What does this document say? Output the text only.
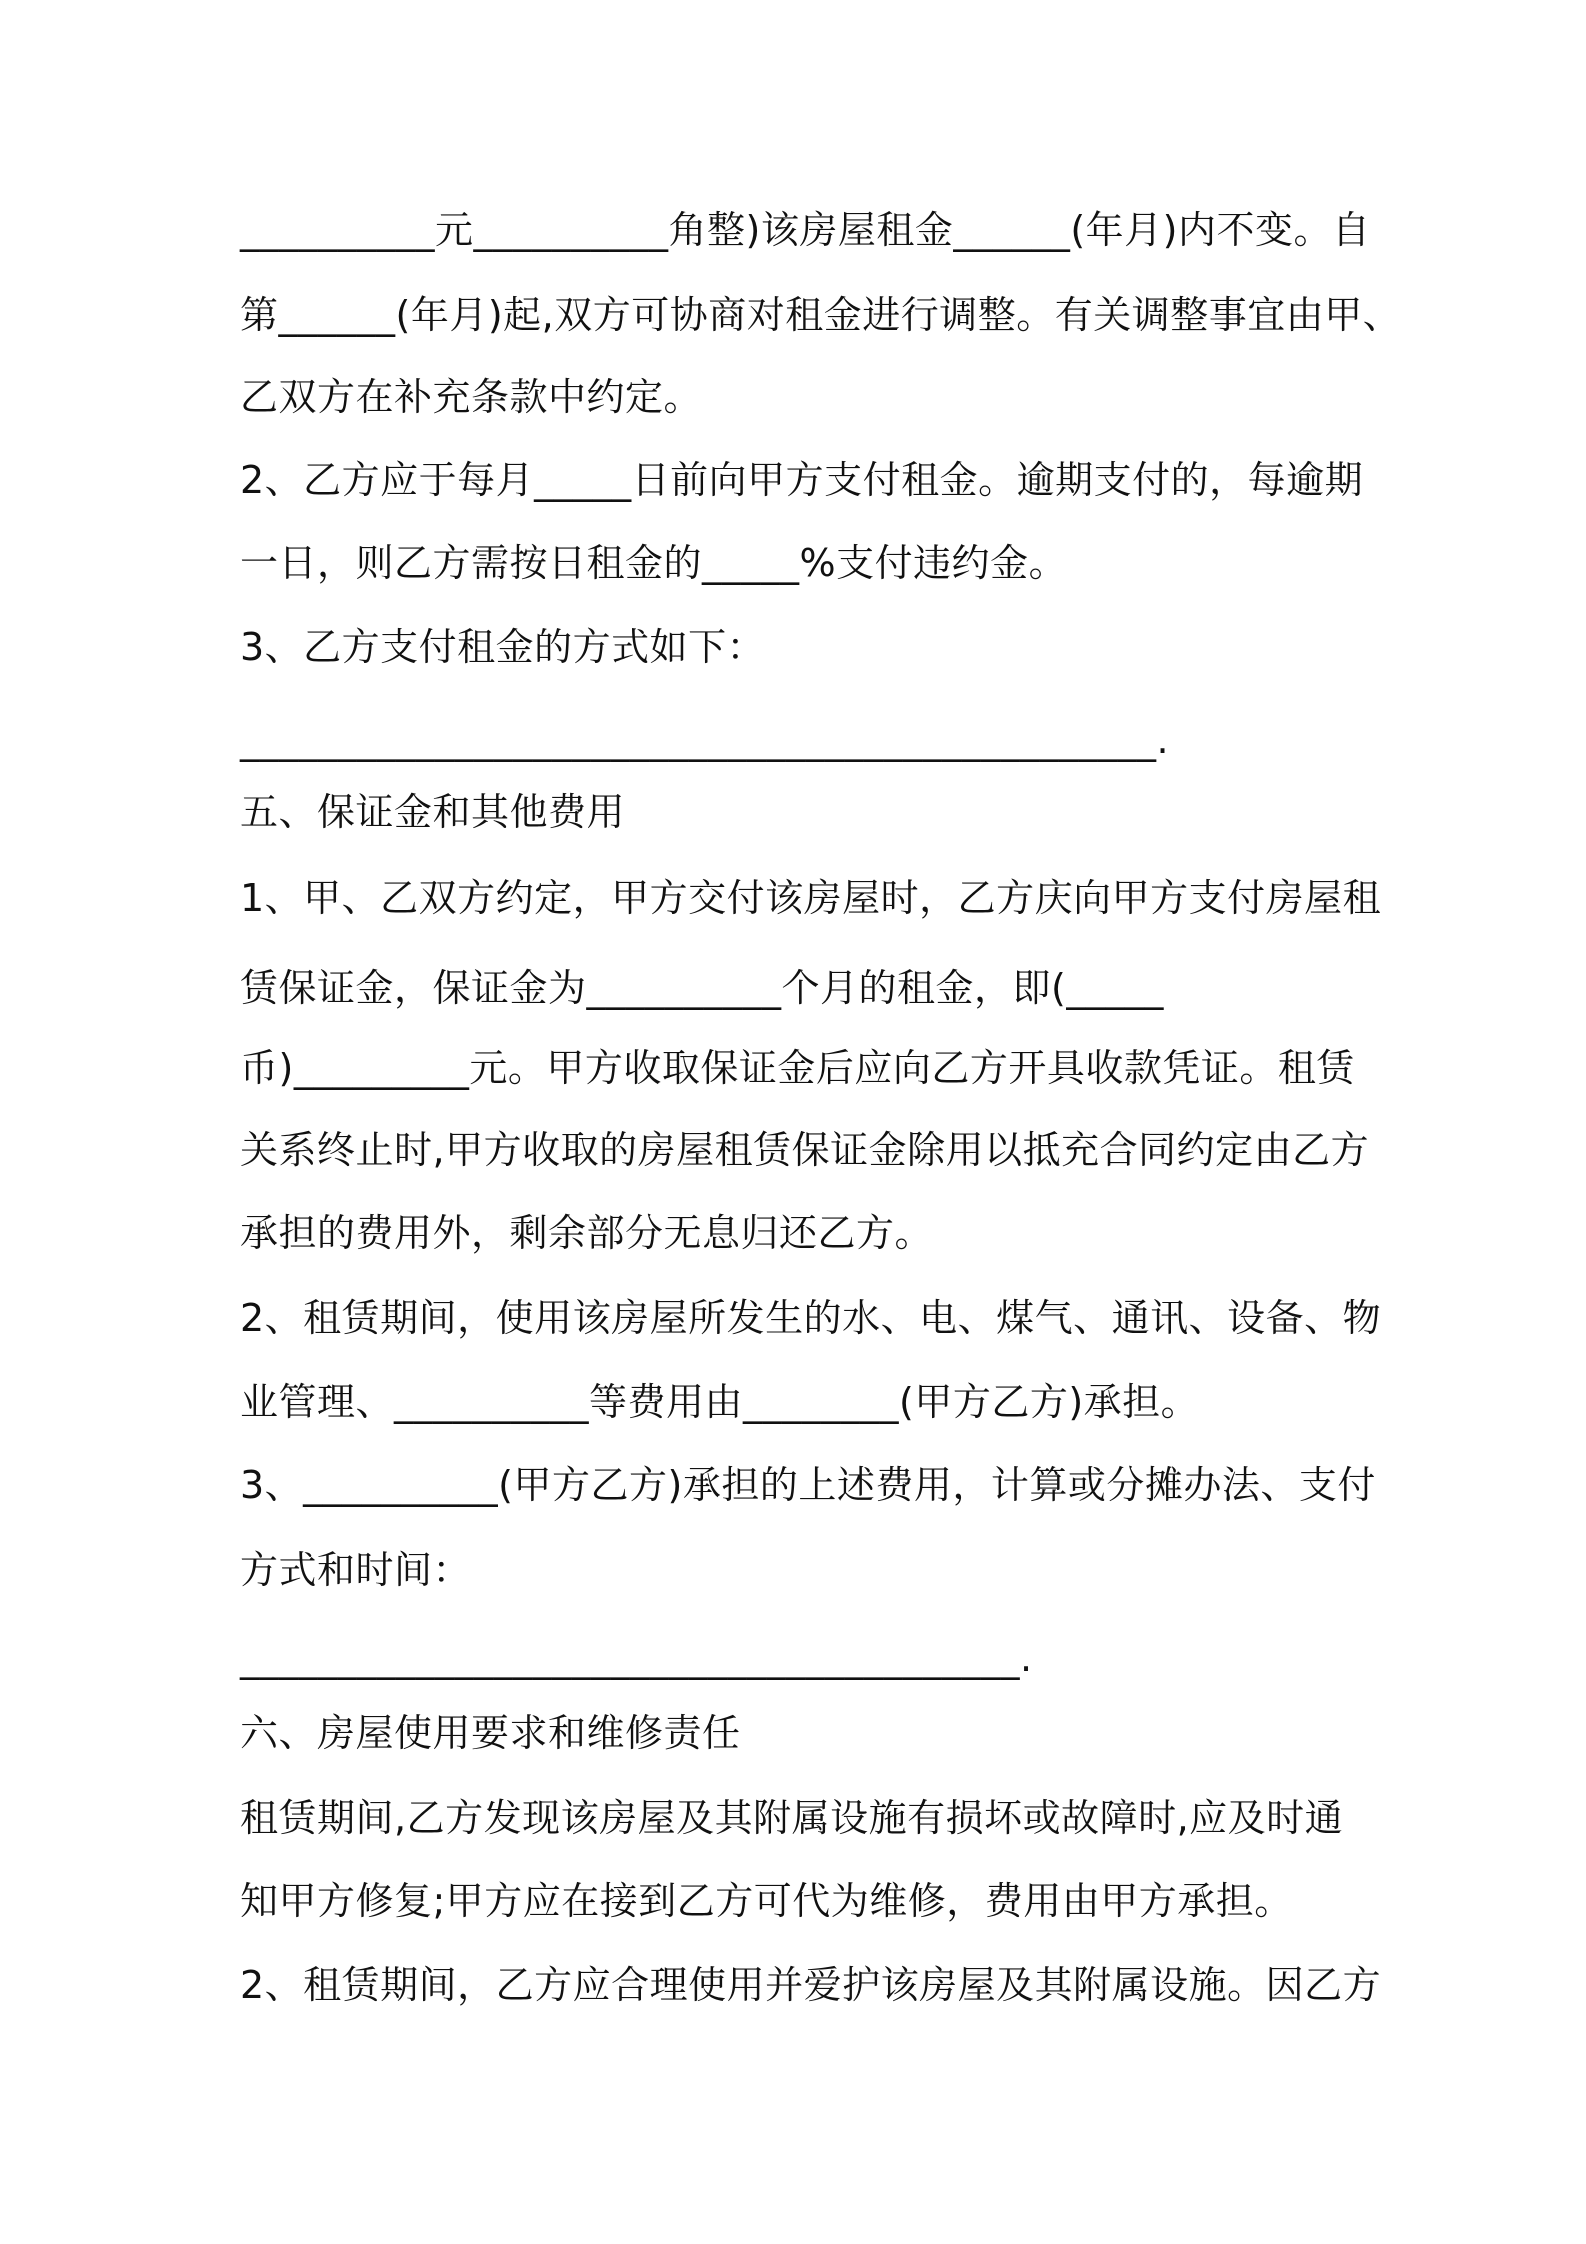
__________元__________角整)该房屋租金______(年月)内不变。自

第______(年月)起,双方可协商对租金进行调整。有关调整事宜由甲、

乙双方在补充条款中约定。

2、乙方应于每月_____日前向甲方支付租金。逾期支付的，每逾期

一日，则乙方需按日租金的_____%支付违约金。

3、乙方支付租金的方式如下：

_______________________________________________.

五、保证金和其他费用

1、甲、乙双方约定，甲方交付该房屋时，乙方庆向甲方支付房屋租

赁保证金，保证金为__________个月的租金，即(_____

币)_________元。甲方收取保证金后应向乙方开具收款凭证。租赁

关系终止时,甲方收取的房屋租赁保证金除用以抵充合同约定由乙方

承担的费用外，剩余部分无息归还乙方。

2、租赁期间，使用该房屋所发生的水、电、煤气、通讯、设备、物

业管理、__________等费用由________(甲方乙方)承担。

3、__________(甲方乙方)承担的上述费用，计算或分摊办法、支付

方式和时间：

________________________________________.

六、房屋使用要求和维修责任

租赁期间,乙方发现该房屋及其附属设施有损坏或故障时,应及时通

知甲方修复;甲方应在接到乙方可代为维修，费用由甲方承担。

2、租赁期间，乙方应合理使用并爱护该房屋及其附属设施。因乙方
